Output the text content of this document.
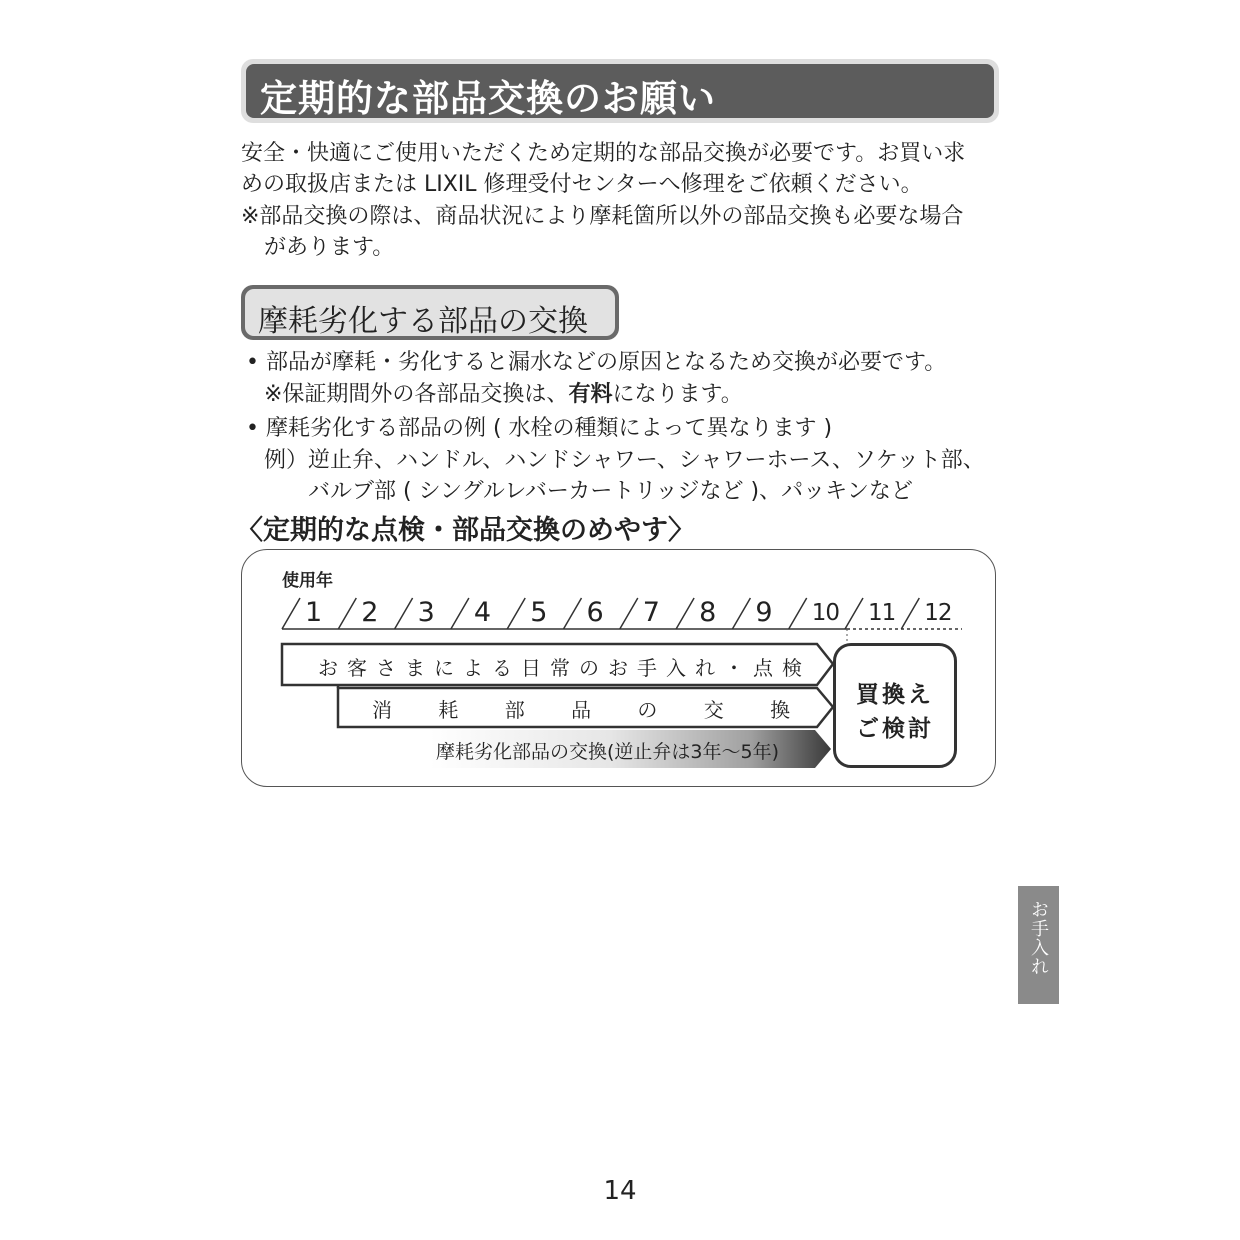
定期的な部品交換のお願い
安全・快適にご使用いただくため定期的な部品交換が必要です。お買い求
めの取扱店または LIXIL 修理受付センターへ修理をご依頼ください。
※部品交換の際は、商品状況により摩耗箇所以外の部品交換も必要な場合
があります。
摩耗劣化する部品の交換
• 部品が摩耗・劣化すると漏水などの原因となるため交換が必要です。
※保証期間外の各部品交換は、有料になります。
• 摩耗劣化する部品の例 ( 水栓の種類によって異なります )
例）逆止弁、ハンドル、ハンドシャワー、シャワーホース、ソケット部、
バルブ部 ( シングルレバーカートリッジなど )、パッキンなど
〈定期的な点検・部品交換のめやす〉
使用年
1 2 3 4 5 6 7 8 9 10 11 12
お客さまによる日常のお手入れ・点検
消 耗 部 品 の 交 換
摩耗劣化部品の交換(逆止弁は3年〜5年)
買換え
ご検討
お手入れ
14
